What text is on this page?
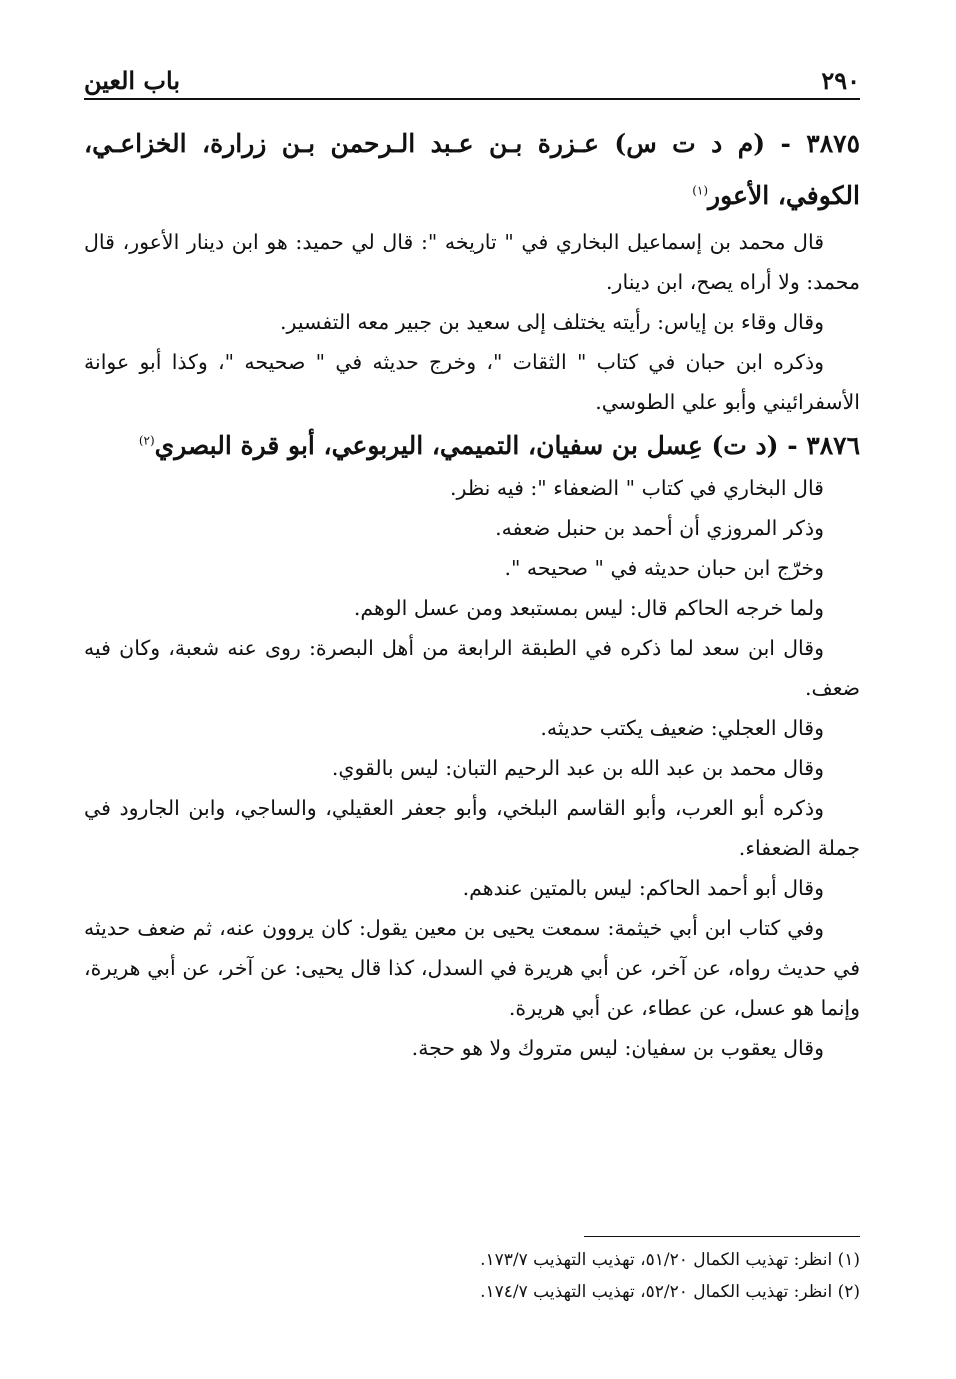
٢٩٠
باب العين
٣٨٧٥ - (م د ت س) عـزرة بـن عـبد الـرحمن بـن زرارة، الخزاعـي، الكوفي، الأعور$^{(١)}$

قال محمد بن إسماعيل البخاري في " تاريخه ": قال لي حميد: هو ابن دينار الأعور، قال محمد: ولا أراه يصح، ابن دينار.

وقال وقاء بن إياس: رأيته يختلف إلى سعيد بن جبير معه التفسير.

وذكره ابن حبان في كتاب " الثقات "، وخرج حديثه في " صحيحه "، وكذا أبو عوانة الأسفرائيني وأبو علي الطوسي.

٣٨٧٦ - (د ت) عِسل بن سفيان، التميمي، اليربوعي، أبو قرة البصري$^{(٢)}$

قال البخاري في كتاب " الضعفاء ": فيه نظر.

وذكر المروزي أن أحمد بن حنبل ضعفه.

وخرّج ابن حبان حديثه في " صحيحه ".

ولما خرجه الحاكم قال: ليس بمستبعد ومن عسل الوهم.

وقال ابن سعد لما ذكره في الطبقة الرابعة من أهل البصرة: روى عنه شعبة، وكان فيه ضعف.

وقال العجلي: ضعيف يكتب حديثه.

وقال محمد بن عبد الله بن عبد الرحيم التبان: ليس بالقوي.

وذكره أبو العرب، وأبو القاسم البلخي، وأبو جعفر العقيلي، والساجي، وابن الجارود في جملة الضعفاء.

وقال أبو أحمد الحاكم: ليس بالمتين عندهم.

وفي كتاب ابن أبي خيثمة: سمعت يحيى بن معين يقول: كان يروون عنه، ثم ضعف حديثه في حديث رواه، عن آخر، عن أبي هريرة في السدل، كذا قال يحيى: عن آخر، عن أبي هريرة، وإنما هو عسل، عن عطاء، عن أبي هريرة.

وقال يعقوب بن سفيان: ليس متروك ولا هو حجة.

(١) انظر: تهذيب الكمال ٥١/٢٠، تهذيب التهذيب ١٧٣/٧.

(٢) انظر: تهذيب الكمال ٥٢/٢٠، تهذيب التهذيب ١٧٤/٧.
